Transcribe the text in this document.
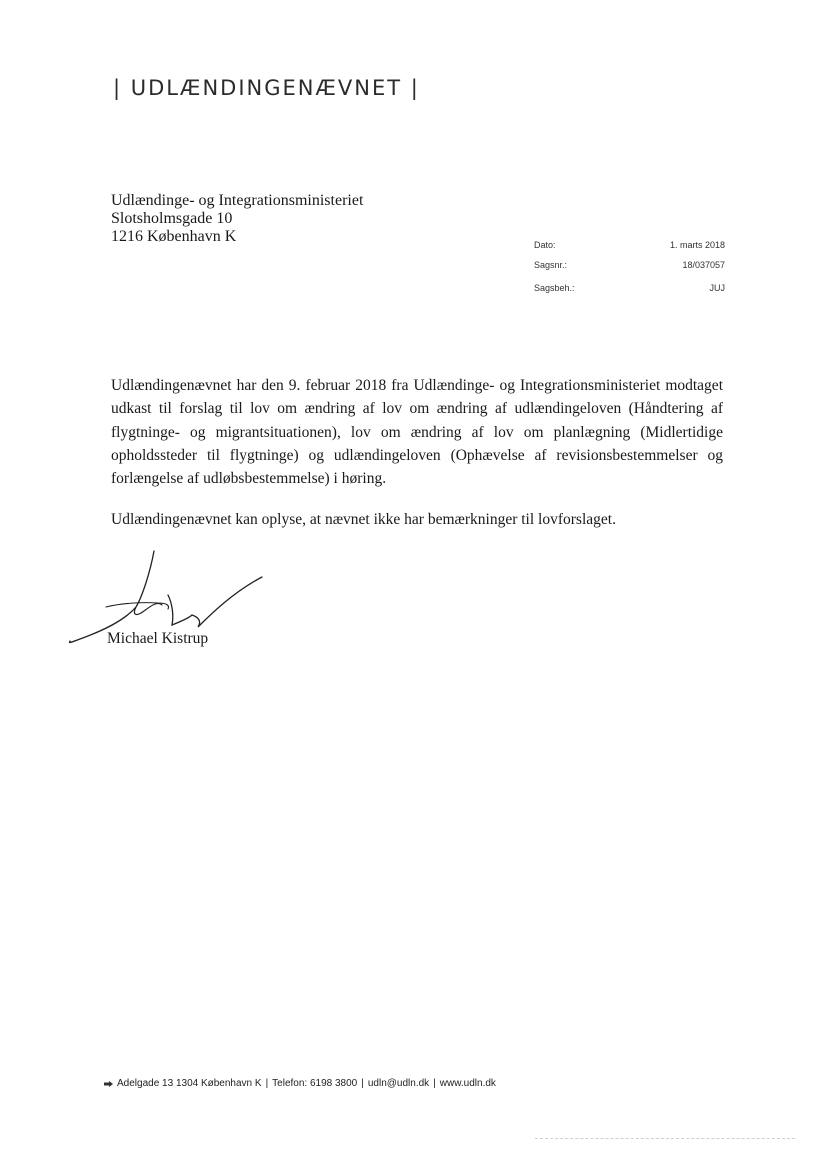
| UDLÆNDINGENÆVNET |
Udlændinge- og Integrationsministeriet
Slotsholmsgade 10
1216 København K	Dato:	1. marts 2018
Sagsnr.:	18/037057
Sagsbeh.:	JUJ

Udlændingenævnet har den 9. februar 2018 fra Udlændinge- og Integrationsministeriet modtaget udkast til forslag til lov om ændring af lov om ændring af udlændingeloven (Håndtering af flygtninge- og migrantsituationen), lov om ændring af lov om planlægning (Midlertidige opholdssteder til flygtninge) og udlændingeloven (Ophævelse af revisionsbestemmelser og forlængelse af udløbsbestemmelse) i høring.

Udlændingenævnet kan oplyse, at nævnet ikke har bemærkninger til lovforslaget.

Michael Kistrup
Adelgade 13 1304 København K | Telefon: 6198 3800 | udln@udln.dk | www.udln.dk
